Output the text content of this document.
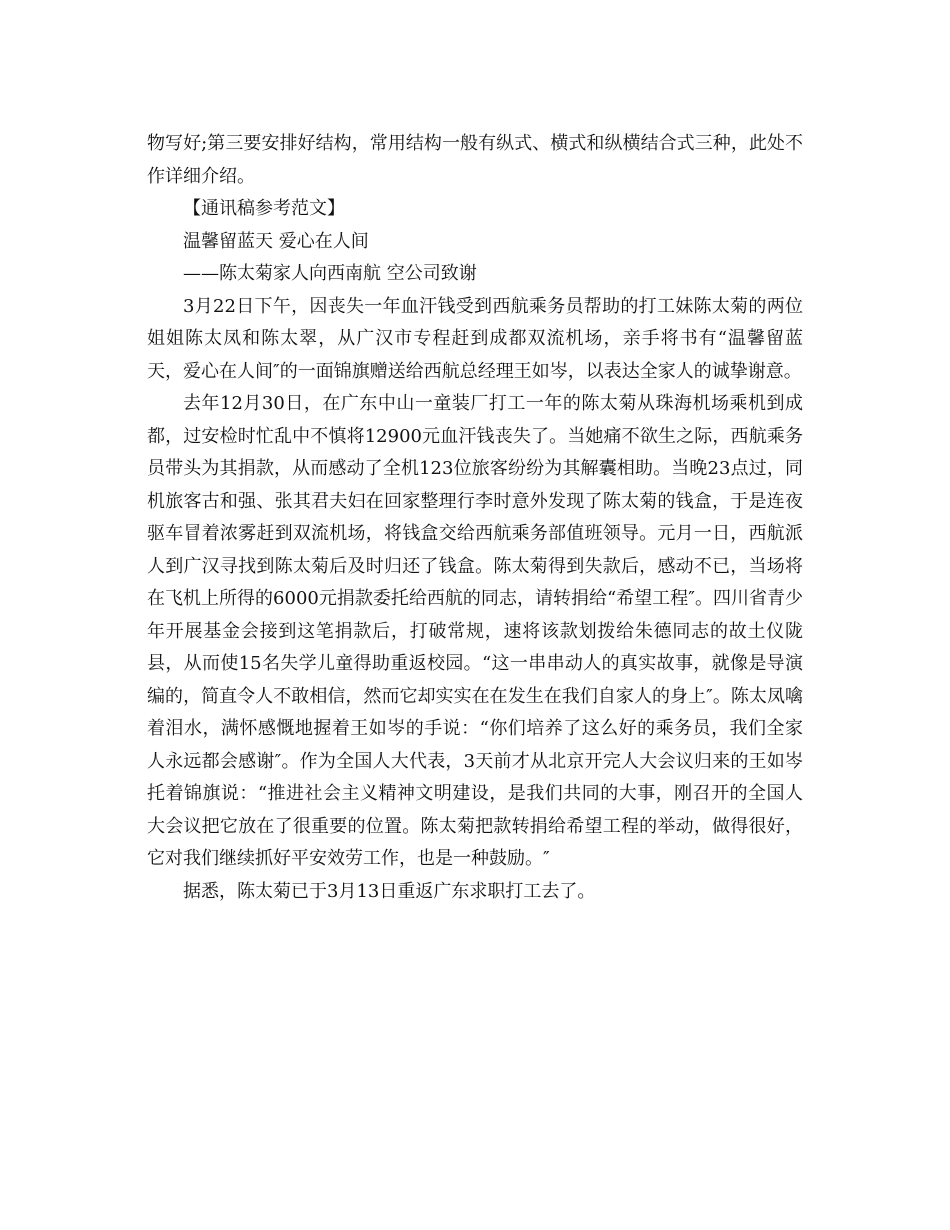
物写好;第三要安排好结构，常用结构一般有纵式、横式和纵横结合式三种，此处不作详细介绍。

【通讯稿参考范文】

温馨留蓝天 爱心在人间

——陈太菊家人向西南航 空公司致谢

3月22日下午，因丧失一年血汗钱受到西航乘务员帮助的打工妹陈太菊的两位姐姐陈太凤和陈太翠，从广汉市专程赶到成都双流机场，亲手将书有“温馨留蓝天，爱心在人间″的一面锦旗赠送给西航总经理王如岑，以表达全家人的诚挚谢意。

去年12月30日，在广东中山一童装厂打工一年的陈太菊从珠海机场乘机到成都，过安检时忙乱中不慎将12900元血汗钱丧失了。当她痛不欲生之际，西航乘务员带头为其捐款，从而感动了全机123位旅客纷纷为其解囊相助。当晚23点过，同机旅客古和强、张其君夫妇在回家整理行李时意外发现了陈太菊的钱盒，于是连夜驱车冒着浓雾赶到双流机场，将钱盒交给西航乘务部值班领导。元月一日，西航派人到广汉寻找到陈太菊后及时归还了钱盒。陈太菊得到失款后，感动不已，当场将在飞机上所得的6000元捐款委托给西航的同志，请转捐给“希望工程″。四川省青少年开展基金会接到这笔捐款后，打破常规，速将该款划拨给朱德同志的故土仪陇县，从而使15名失学儿童得助重返校园。“这一串串动人的真实故事，就像是导演编的，简直令人不敢相信，然而它却实实在在发生在我们自家人的身上″。陈太凤噙着泪水，满怀感慨地握着王如岑的手说：“你们培养了这么好的乘务员，我们全家人永远都会感谢″。作为全国人大代表，3天前才从北京开完人大会议归来的王如岑托着锦旗说：“推进社会主义精神文明建设，是我们共同的大事，刚召开的全国人大会议把它放在了很重要的位置。陈太菊把款转捐给希望工程的举动，做得很好，它对我们继续抓好平安效劳工作，也是一种鼓励。″

据悉，陈太菊已于3月13日重返广东求职打工去了。
